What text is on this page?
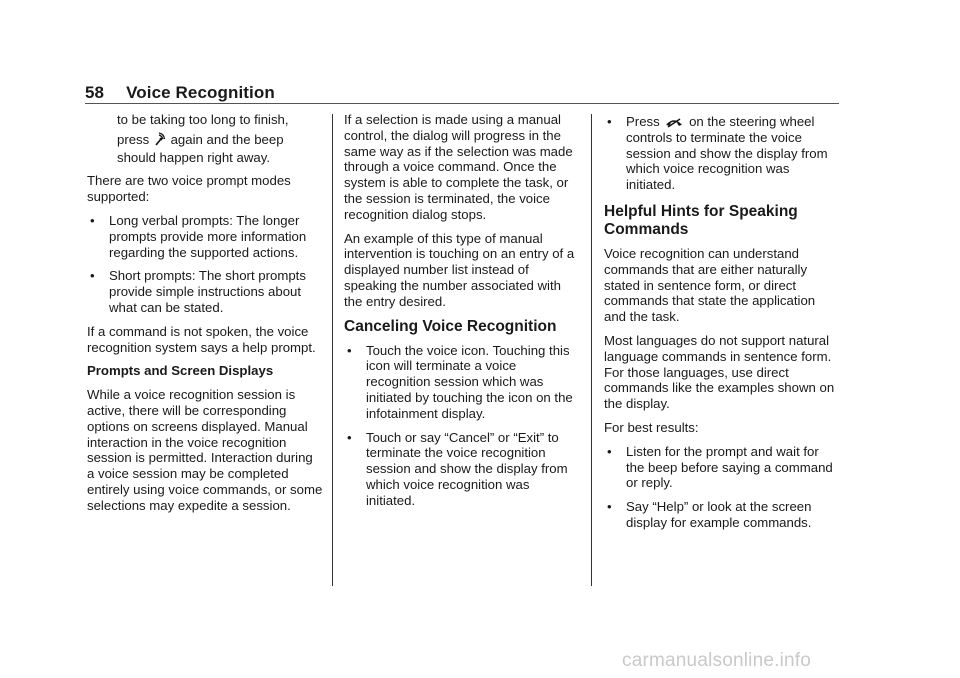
58 Voice Recognition
to be taking too long to finish,
press again and the beep
should happen right away.

There are two voice prompt modes supported:

• Long verbal prompts: The longer prompts provide more information regarding the supported actions.
• Short prompts: The short prompts provide simple instructions about what can be stated.

If a command is not spoken, the voice recognition system says a help prompt.

Prompts and Screen Displays

While a voice recognition session is active, there will be corresponding options on screens displayed. Manual interaction in the voice recognition session is permitted. Interaction during a voice session may be completed entirely using voice commands, or some selections may expedite a session.

If a selection is made using a manual control, the dialog will progress in the same way as if the selection was made through a voice command. Once the system is able to complete the task, or the session is terminated, the voice recognition dialog stops.

An example of this type of manual intervention is touching on an entry of a displayed number list instead of speaking the number associated with the entry desired.

Canceling Voice Recognition
• Touch the voice icon. Touching this icon will terminate a voice recognition session which was initiated by touching the icon on the infotainment display.
• Touch or say “Cancel” or “Exit” to terminate the voice recognition session and show the display from which voice recognition was initiated.
• Press on the steering wheel controls to terminate the voice session and show the display from which voice recognition was initiated.
Helpful Hints for Speaking Commands

Voice recognition can understand commands that are either naturally stated in sentence form, or direct commands that state the application and the task.

Most languages do not support natural language commands in sentence form. For those languages, use direct commands like the examples shown on the display.

For best results:

• Listen for the prompt and wait for the beep before saying a command or reply.
• Say “Help” or look at the screen display for example commands.
carmanualsonline.info
